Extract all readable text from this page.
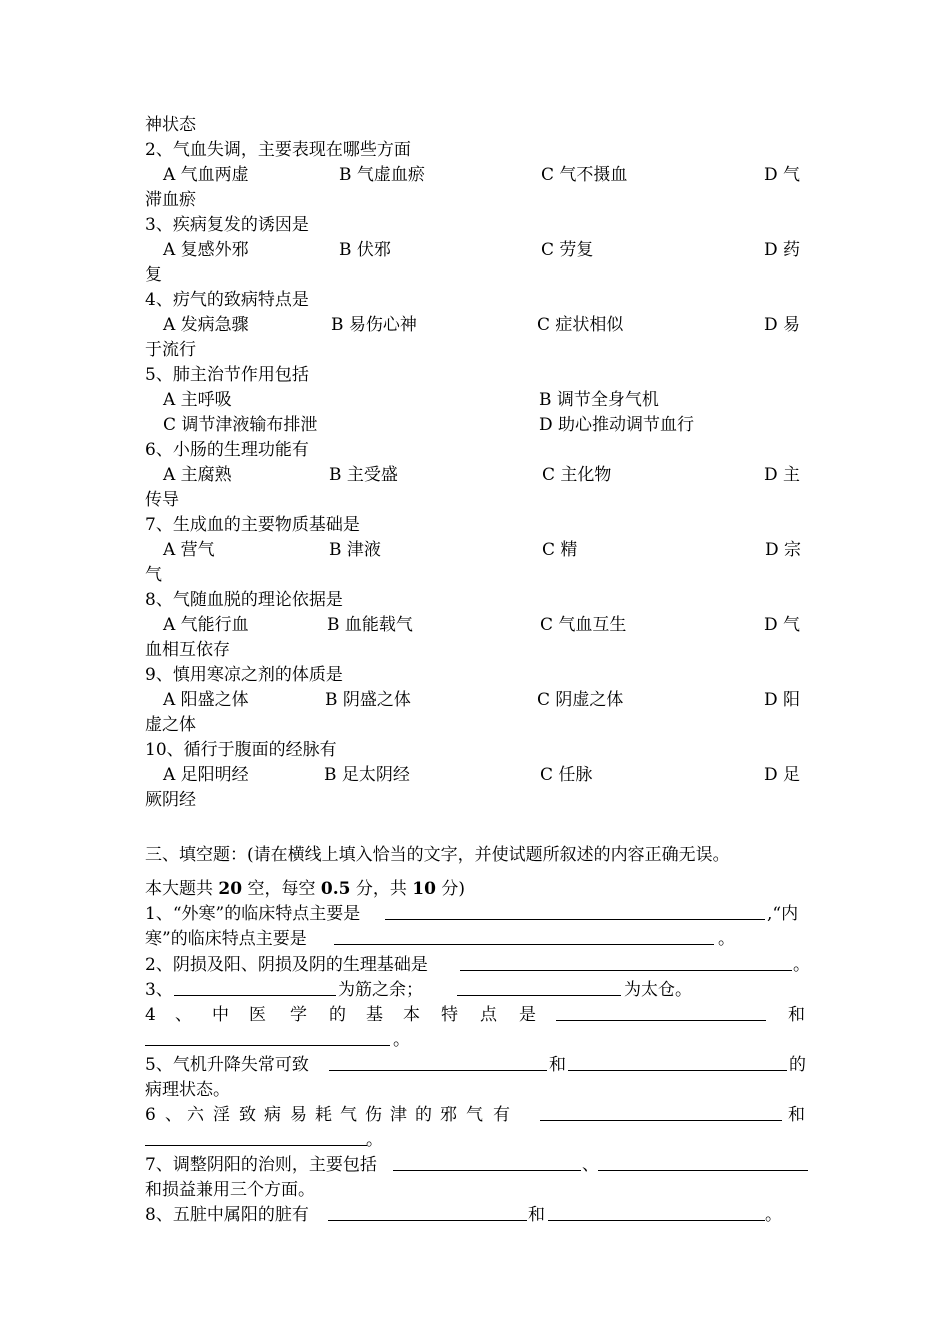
神状态
2、气血失调，主要表现在哪些方面
A 气血两虚	B 气虚血瘀	C 气不摄血	D 气
滞血瘀
3、疾病复发的诱因是
A 复感外邪	B 伏邪	C 劳复	D 药
复
4、疠气的致病特点是
A 发病急骤	B 易伤心神	C 症状相似	D 易
于流行
5、肺主治节作用包括
A 主呼吸	B 调节全身气机
C 调节津液输布排泄	D 助心推动调节血行
6、小肠的生理功能有
A 主腐熟	B 主受盛	C 主化物	D 主
传导
7、生成血的主要物质基础是
A 营气	B 津液	C 精	D 宗
气
8、气随血脱的理论依据是
A 气能行血	B 血能载气	C 气血互生	D 气
血相互依存
9、慎用寒凉之剂的体质是
A 阳盛之体	B 阴盛之体	C 阴虚之体	D 阳
虚之体
10、循行于腹面的经脉有
A 足阳明经	B 足太阴经	C 任脉	D 足
厥阴经
三、填空题：(请在横线上填入恰当的文字，并使试题所叙述的内容正确无误。
本大题共 20 空，每空 0.5 分，共 10 分)
1、“外寒”的临床特点主要是	,“内
寒”的临床特点主要是	。
2、阴损及阳、阴损及阴的生理基础是	。
3、	为筋之余；	为太仓。
4 、 中 医 学 的 基 本 特 点 是	和
。
5、气机升降失常可致	和	的
病理状态。
6 、 六 淫 致 病 易 耗 气 伤 津 的 邪 气 有	和
。
7、调整阴阳的治则，主要包括	、
和损益兼用三个方面。
8、五脏中属阳的脏有	和	。
